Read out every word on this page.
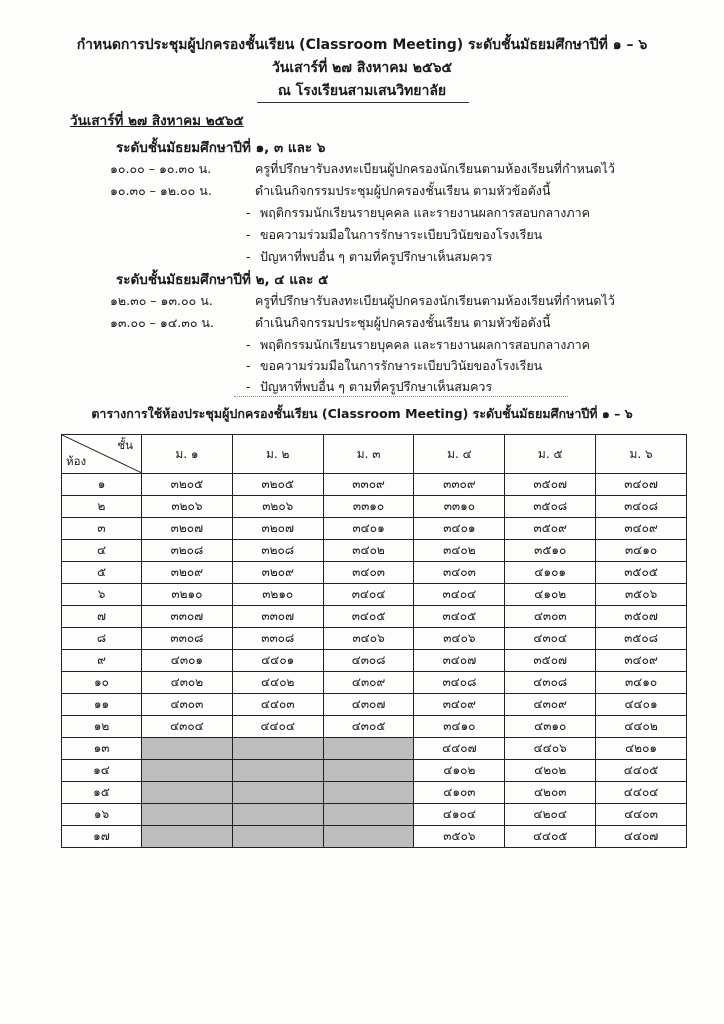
กำหนดการประชุมผู้ปกครองชั้นเรียน (Classroom Meeting) ระดับชั้นมัธยมศึกษาปีที่ ๑ – ๖
วันเสาร์ที่ ๒๗ สิงหาคม ๒๕๖๕
ณ โรงเรียนสามเสนวิทยาลัย
วันเสาร์ที่ ๒๗ สิงหาคม ๒๕๖๕
ระดับชั้นมัธยมศึกษาปีที่ ๑, ๓ และ ๖
๑๐.๐๐ – ๑๐.๓๐ น.	ครูที่ปรึกษารับลงทะเบียนผู้ปกครองนักเรียนตามห้องเรียนที่กำหนดไว้
๑๐.๓๐ – ๑๒.๐๐ น.	ดำเนินกิจกรรมประชุมผู้ปกครองชั้นเรียน ตามหัวข้อดังนี้
- พฤติกรรมนักเรียนรายบุคคล และรายงานผลการสอบกลางภาค
- ขอความร่วมมือในการรักษาระเบียบวินัยของโรงเรียน
- ปัญหาที่พบอื่น ๆ ตามที่ครูปรึกษาเห็นสมควร
ระดับชั้นมัธยมศึกษาปีที่ ๒, ๔ และ ๕
๑๒.๓๐ – ๑๓.๐๐ น.	ครูที่ปรึกษารับลงทะเบียนผู้ปกครองนักเรียนตามห้องเรียนที่กำหนดไว้
๑๓.๐๐ – ๑๔.๓๐ น.	ดำเนินกิจกรรมประชุมผู้ปกครองชั้นเรียน ตามหัวข้อดังนี้
- พฤติกรรมนักเรียนรายบุคคล และรายงานผลการสอบกลางภาค
- ขอความร่วมมือในการรักษาระเบียบวินัยของโรงเรียน
- ปัญหาที่พบอื่น ๆ ตามที่ครูปรึกษาเห็นสมควร
ตารางการใช้ห้องประชุมผู้ปกครองชั้นเรียน (Classroom Meeting) ระดับชั้นมัธยมศึกษาปีที่ ๑ – ๖
ชั้น
ห้อง	ม. ๑	ม. ๒	ม. ๓	ม. ๔	ม. ๕	ม. ๖
๑	๓๒๐๕	๓๒๐๕	๓๓๐๙	๓๓๐๙	๓๕๐๗	๓๔๐๗
๒	๓๒๐๖	๓๒๐๖	๓๓๑๐	๓๓๑๐	๓๕๐๘	๓๔๐๘
๓	๓๒๐๗	๓๒๐๗	๓๔๐๑	๓๔๐๑	๓๕๐๙	๓๔๐๙
๔	๓๒๐๘	๓๒๐๘	๓๔๐๒	๓๔๐๒	๓๕๑๐	๓๔๑๐
๕	๓๒๐๙	๓๒๐๙	๓๔๐๓	๓๔๐๓	๔๑๐๑	๓๕๐๕
๖	๓๒๑๐	๓๒๑๐	๓๔๐๔	๓๔๐๔	๔๑๐๒	๓๕๐๖
๗	๓๓๐๗	๓๓๐๗	๓๔๐๕	๓๔๐๕	๔๓๐๓	๓๕๐๗
๘	๓๓๐๘	๓๓๐๘	๓๔๐๖	๓๔๐๖	๔๓๐๔	๓๕๐๘
๙	๔๓๐๑	๔๔๐๑	๔๓๐๘	๓๔๐๗	๓๕๐๗	๓๔๐๙
๑๐	๔๓๐๒	๔๔๐๒	๔๓๐๙	๓๔๐๘	๔๓๐๘	๓๔๑๐
๑๑	๔๓๐๓	๔๔๐๓	๔๓๐๗	๓๔๐๙	๔๓๐๙	๔๔๐๑
๑๒	๔๓๐๔	๔๔๐๔	๔๓๐๕	๓๔๑๐	๔๓๑๐	๔๔๐๒
๑๓				๔๔๐๗	๔๔๐๖	๔๒๐๑
๑๔				๔๑๐๒	๔๒๐๒	๔๔๐๕
๑๕				๔๑๐๓	๔๒๐๓	๔๔๐๔
๑๖				๔๑๐๔	๔๒๐๔	๔๔๐๓
๑๗				๓๕๐๖	๔๔๐๕	๔๔๐๗
